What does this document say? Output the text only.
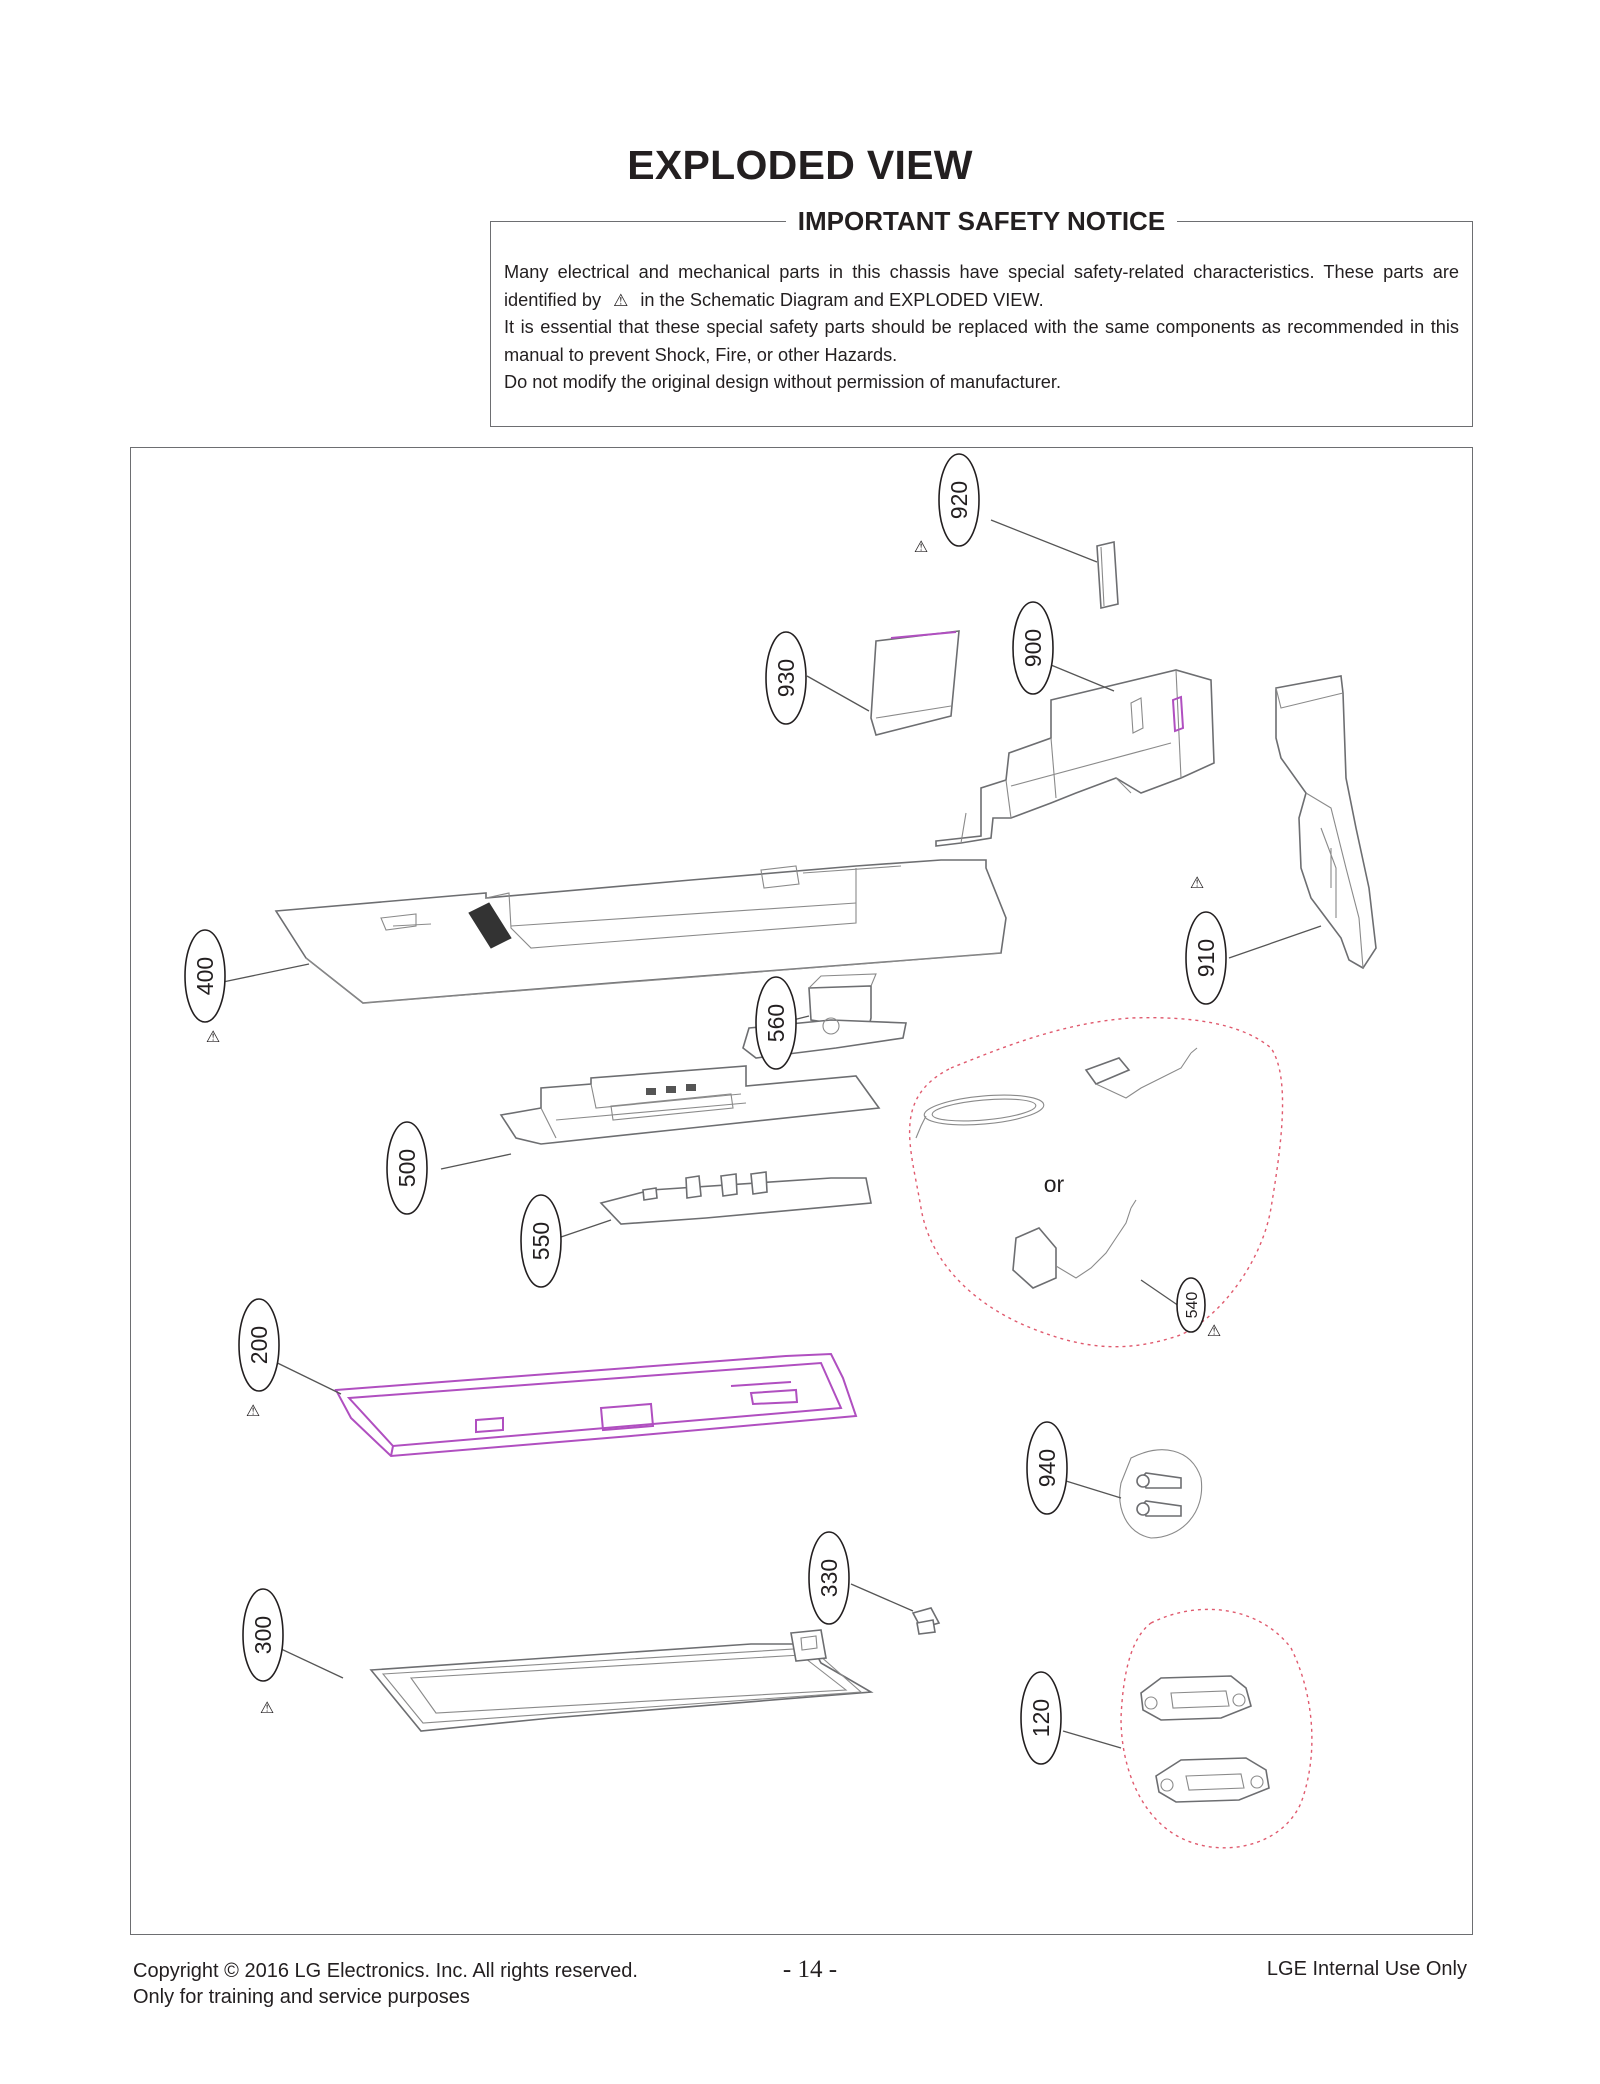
EXPLODED VIEW
IMPORTANT SAFETY NOTICE

Many electrical and mechanical parts in this chassis have special safety-related characteristics. These parts are identified by ⚠ in the Schematic Diagram and EXPLODED VIEW.

It is essential that these special safety parts should be replaced with the same components as recommended in this manual to prevent Shock, Fire, or other Hazards.

Do not modify the original design without permission of manufacturer.

or
920
⚠
930
900
⚠
400
⚠
910
560
500
550
540
⚠
200
⚠
940
330
300
⚠	120
Copyright © 2016 LG Electronics. Inc. All rights reserved.
Only for training and service purposes
- 14 -	LGE Internal Use Only
